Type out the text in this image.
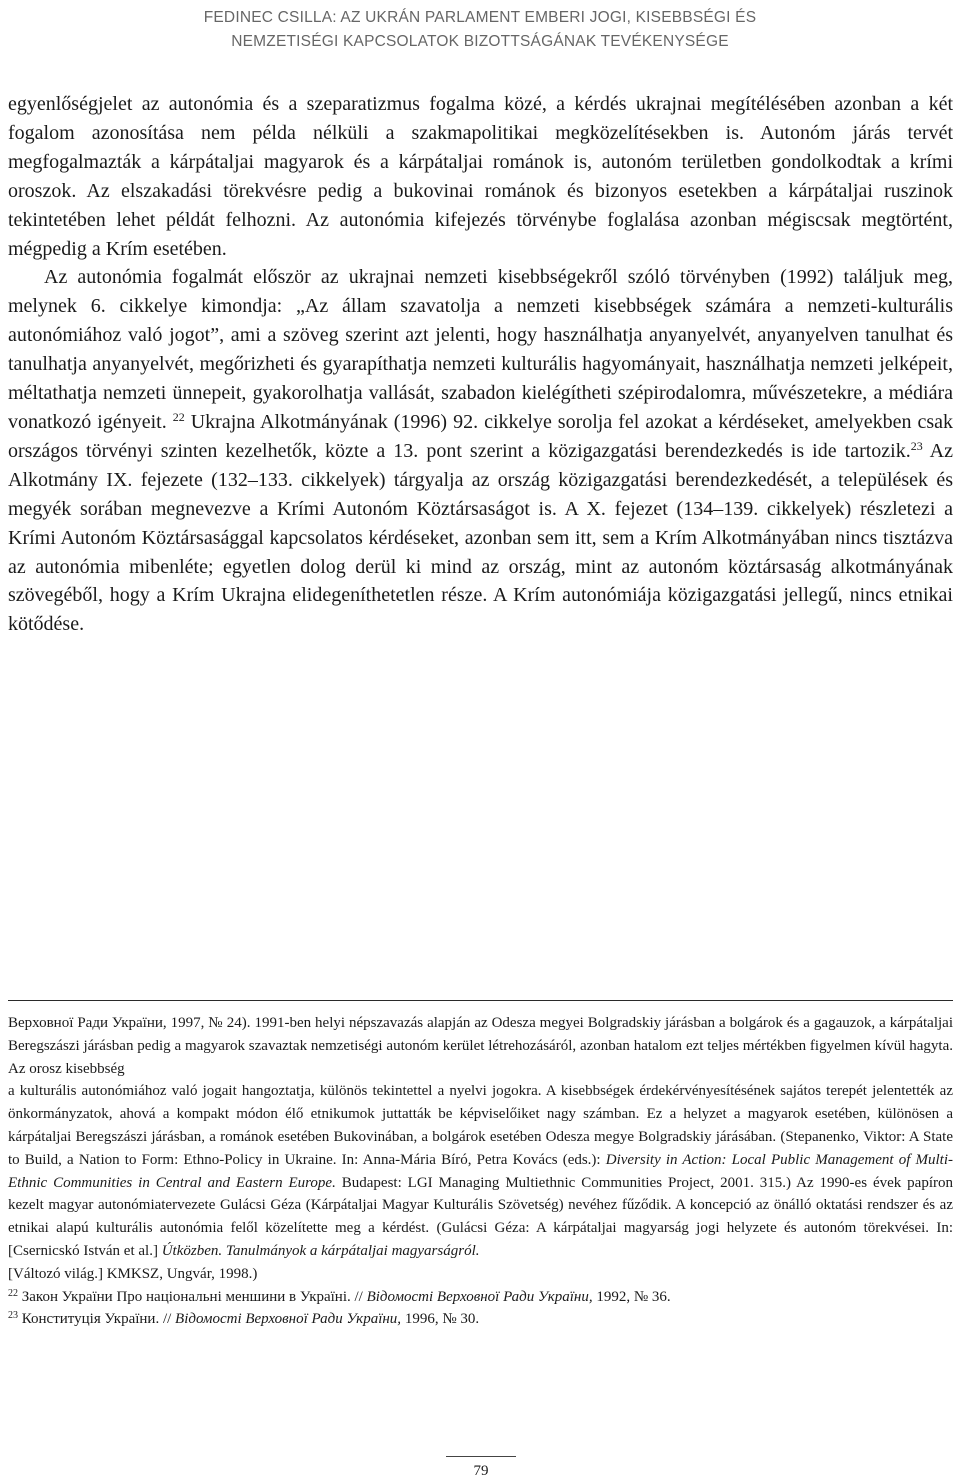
FEDINEC CSILLA: AZ UKRÁN PARLAMENT EMBERI JOGI, KISEBBSÉGI ÉS
NEMZETISÉGI KAPCSOLATOK BIZOTTSÁGÁNAK TEVÉKENYSÉGE

egyenlőségjelet az autonómia és a szeparatizmus fogalma közé, a kérdés ukrajnai megítélésében azonban a két fogalom azonosítása nem példa nélküli a szakmapolitikai megközelítésekben is. Autonóm járás tervét megfogalmazták a kárpátaljai magyarok és a kárpátaljai románok is, autonóm területben gondolkodtak a krími oroszok. Az elszakadási törekvésre pedig a bukovinai románok és bizonyos esetekben a kárpátaljai ruszinok tekintetében lehet példát felhozni. Az autonómia kifejezés törvénybe foglalása azonban mégiscsak megtörtént, mégpedig a Krím esetében.

Az autonómia fogalmát először az ukrajnai nemzeti kisebbségekről szóló törvényben (1992) találjuk meg, melynek 6. cikkelye kimondja: „Az állam szavatolja a nemzeti kisebbségek számára a nemzeti-kulturális autonómiához való jogot”, ami a szöveg szerint azt jelenti, hogy használhatja anyanyelvét, anyanyelven tanulhat és tanulhatja anyanyelvét, megőrizheti és gyarapíthatja nemzeti kulturális hagyományait, használhatja nemzeti jelképeit, méltathatja nemzeti ünnepeit, gyakorolhatja vallását, szabadon kielégítheti szépirodalomra, művészetekre, a médiára vonatkozó igényeit. $^{22}$ Ukrajna Alkotmányának (1996) 92. cikkelye sorolja fel azokat a kérdéseket, amelyekben csak országos törvényi szinten kezelhetők, közte a 13. pont szerint a közigazgatási berendezkedés is ide tartozik.$^{23}$ Az Alkotmány IX. fejezete (132–133. cikkelyek) tárgyalja az ország közigazgatási berendezkedését, a települések és megyék sorában megnevezve a Krími Autonóm Köztársaságot is. A X. fejezet (134–139. cikkelyek) részletezi a Krími Autonóm Köztársasággal kapcsolatos kérdéseket, azonban sem itt, sem a Krím Alkotmányában nincs tisztázva az autonómia mibenléte; egyetlen dolog derül ki mind az ország, mint az autonóm köztársaság alkotmányának szövegéből, hogy a Krím Ukrajna elidegeníthetetlen része. A Krím autonómiája közigazgatási jellegű, nincs etnikai kötődése.

Верховної Ради України, 1997, № 24). 1991-ben helyi népszavazás alapján az Odesza megyei Bolgradskiy járásban a bolgárok és a gagauzok, a kárpátaljai Beregszászi járásban pedig a magyarok szavaztak nemzetiségi autonóm kerület létrehozásáról, azonban hatalom ezt teljes mértékben figyelmen kívül hagyta. Az orosz kisebbség

a kulturális autonómiához való jogait hangoztatja, különös tekintettel a nyelvi jogokra. A kisebbségek érdekérvényesítésének sajátos terepét jelentették az önkormányzatok, ahová a kompakt módon élő etnikumok juttatták be képviselőiket nagy számban. Ez a helyzet a magyarok esetében, különösen a kárpátaljai Beregszászi járásban, a románok esetében Bukovinában, a bolgárok esetében Odesza megye Bolgradskiy járásában. (Stepanenko, Viktor: A State to Build, a Nation to Form: Ethno-Policy in Ukraine. In: Anna-Mária Bíró, Petra Kovács (eds.): Diversity in Action: Local Public Management of Multi-Ethnic Communities in Central and Eastern Europe. Budapest: LGI Managing Multiethnic Communities Project, 2001. 315.) Az 1990-es évek papíron kezelt magyar autonómiatervezete Gulácsi Géza (Kárpátaljai Magyar Kulturális Szövetség) nevéhez fűződik. A koncepció az önálló oktatási rendszer és az etnikai alapú kulturális autonómia felől közelítette meg a kérdést. (Gulácsi Géza: A kárpátaljai magyarság jogi helyzete és autonóm törekvései. In: [Csernicskó István et al.] Útközben. Tanulmányok a kárpátaljai magyarságról.

[Változó világ.] KMKSZ, Ungvár, 1998.)

$^{22}$ Закон України Про національні меншини в Україні. // Відомості Верховної Ради України, 1992, № 36.

$^{23}$ Конституція України. // Відомості Верховної Ради України, 1996, № 30.

79
